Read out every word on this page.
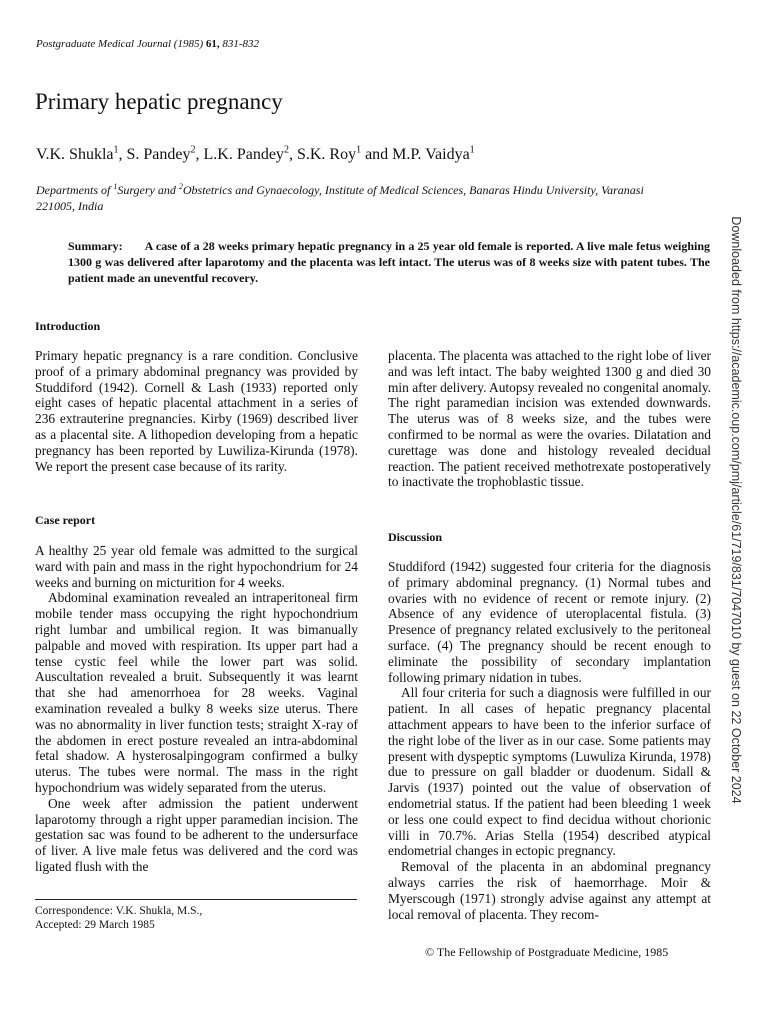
Postgraduate Medical Journal (1985) 61, 831-832
Primary hepatic pregnancy
V.K. Shukla$^1$, S. Pandey$^2$, L.K. Pandey$^2$, S.K. Roy$^1$ and M.P. Vaidya$^1$
Departments of $^1$Surgery and $^2$Obstetrics and Gynaecology, Institute of Medical Sciences, Banaras Hindu University, Varanasi 221005, India
Summary: A case of a 28 weeks primary hepatic pregnancy in a 25 year old female is reported. A live male fetus weighing 1300 g was delivered after laparotomy and the placenta was left intact. The uterus was of 8 weeks size with patent tubes. The patient made an uneventful recovery.	Downloaded from https://academic.oup.com/pmj/article/61/719/831/7047010 by guest on 22 October 2024
Introduction

Primary hepatic pregnancy is a rare condition. Conclusive proof of a primary abdominal pregnancy was provided by Studdiford (1942). Cornell & Lash (1933) reported only eight cases of hepatic placental attachment in a series of 236 extrauterine pregnancies. Kirby (1969) described liver as a placental site. A lithopedion developing from a hepatic pregnancy has been reported by Luwiliza-Kirunda (1978). We report the present case because of its rarity.

Case report

A healthy 25 year old female was admitted to the surgical ward with pain and mass in the right hypochondrium for 24 weeks and burning on micturition for 4 weeks.

Abdominal examination revealed an intraperitoneal firm mobile tender mass occupying the right hypochondrium right lumbar and umbilical region. It was bimanually palpable and moved with respiration. Its upper part had a tense cystic feel while the lower part was solid. Auscultation revealed a bruit. Subsequently it was learnt that she had amenorrhoea for 28 weeks. Vaginal examination revealed a bulky 8 weeks size uterus. There was no abnormality in liver function tests; straight X-ray of the abdomen in erect posture revealed an intra-abdominal fetal shadow. A hysterosalpingogram confirmed a bulky uterus. The tubes were normal. The mass in the right hypochondrium was widely separated from the uterus.

One week after admission the patient underwent laparotomy through a right upper paramedian incision. The gestation sac was found to be adherent to the undersurface of liver. A live male fetus was delivered and the cord was ligated flush with the

Correspondence: V.K. Shukla, M.S.,
Accepted: 29 March 1985

placenta. The placenta was attached to the right lobe of liver and was left intact. The baby weighted 1300 g and died 30 min after delivery. Autopsy revealed no congenital anomaly. The right paramedian incision was extended downwards. The uterus was of 8 weeks size, and the tubes were confirmed to be normal as were the ovaries. Dilatation and curettage was done and histology revealed decidual reaction. The patient received methotrexate postoperatively to inactivate the trophoblastic tissue.

Discussion

Studdiford (1942) suggested four criteria for the diagnosis of primary abdominal pregnancy. (1) Normal tubes and ovaries with no evidence of recent or remote injury. (2) Absence of any evidence of uteroplacental fistula. (3) Presence of pregnancy related exclusively to the peritoneal surface. (4) The pregnancy should be recent enough to eliminate the possibility of secondary implantation following primary nidation in tubes.

All four criteria for such a diagnosis were fulfilled in our patient. In all cases of hepatic pregnancy placental attachment appears to have been to the inferior surface of the right lobe of the liver as in our case. Some patients may present with dyspeptic symptoms (Luwuliza Kirunda, 1978) due to pressure on gall bladder or duodenum. Sidall & Jarvis (1937) pointed out the value of observation of endometrial status. If the patient had been bleeding 1 week or less one could expect to find decidua without chorionic villi in 70.7%. Arias Stella (1954) described atypical endometrial changes in ectopic pregnancy.

Removal of the placenta in an abdominal pregnancy always carries the risk of haemorrhage. Moir & Myerscough (1971) strongly advise against any attempt at local removal of placenta. They recom-

© The Fellowship of Postgraduate Medicine, 1985
